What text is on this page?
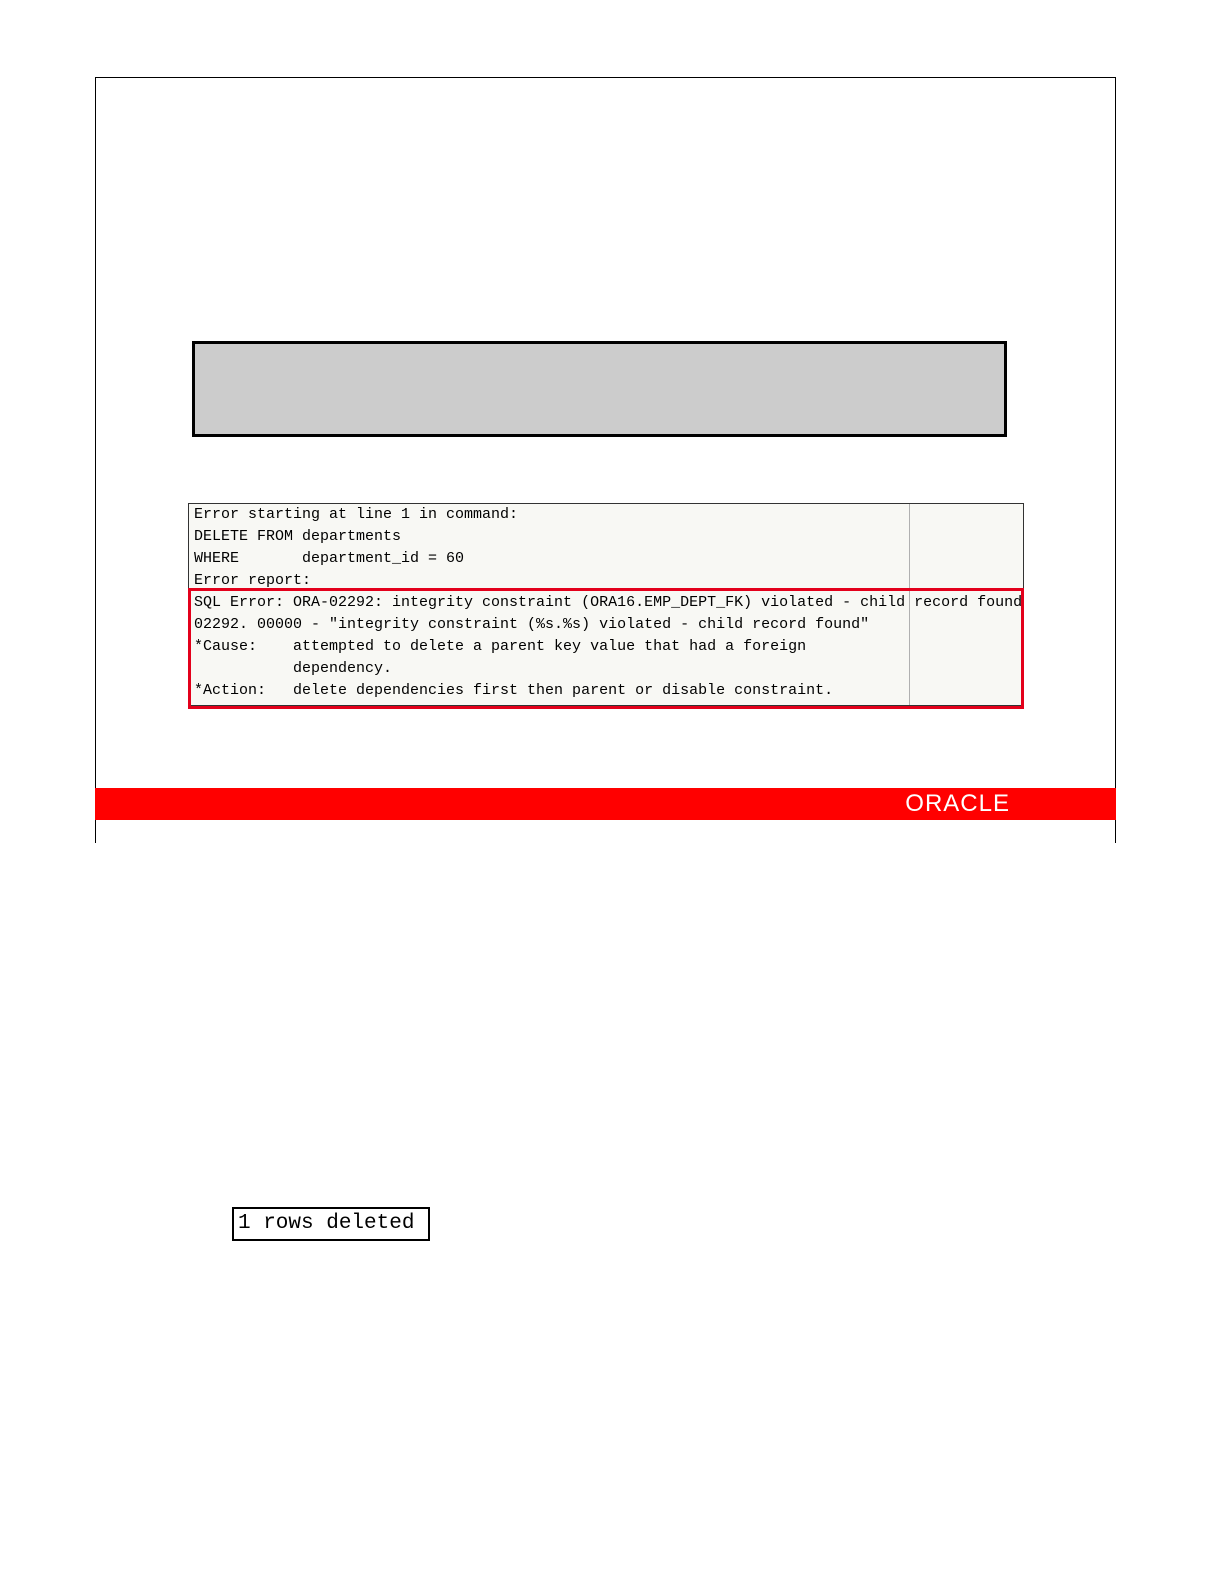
Error starting at line 1 in command:
DELETE FROM departments
WHERE       department_id = 60
Error report:
SQL Error: ORA-02292: integrity constraint (ORA16.EMP_DEPT_FK) violated - child record found
02292. 00000 - "integrity constraint (%s.%s) violated - child record found"
*Cause:    attempted to delete a parent key value that had a foreign
dependency.
*Action:   delete dependencies first then parent or disable constraint.
ORACLE
1 rows deleted
